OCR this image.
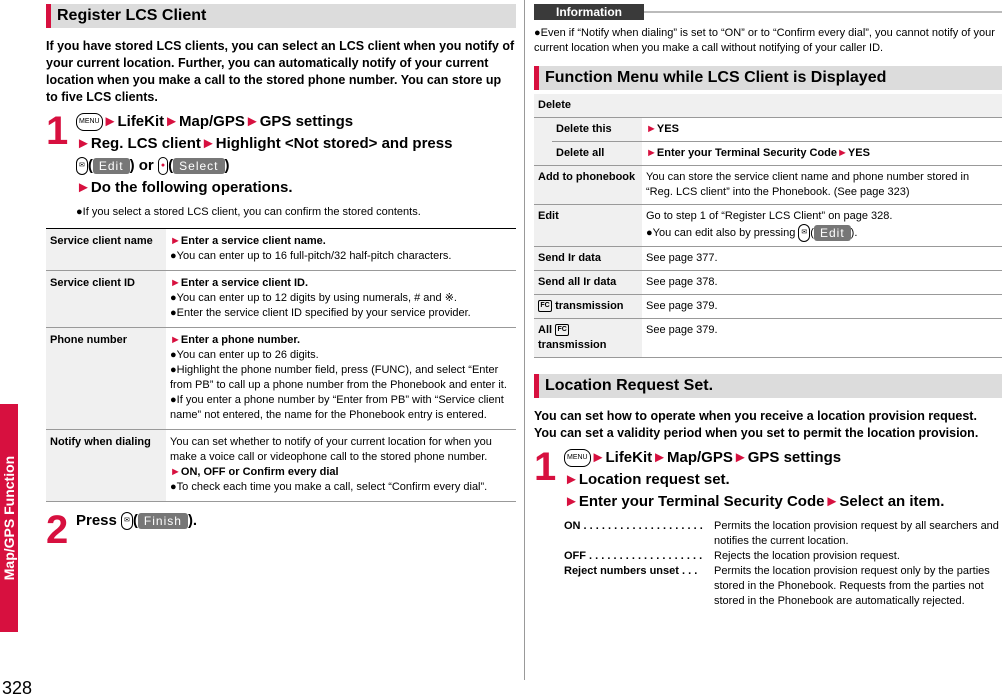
Map/GPS Function
328
Register LCS Client
If you have stored LCS clients, you can select an LCS client when you notify of your current location. Further, you can automatically notify of your current location when you make a call to the stored phone number. You can store up to five LCS clients.
1	MENU ►LifeKit►Map/GPS►GPS settings
►Reg. LCS client►Highlight <Not stored> and press
✉ ( Edit ) or ● ( Select )
►Do the following operations.
●If you select a stored LCS client, you can confirm the stored contents.
Service client name	►Enter a service client name.
●You can enter up to 16 full-pitch/32 half-pitch characters.

Service client ID	►Enter a service client ID.
●You can enter up to 12 digits by using numerals, # and ※.
●Enter the service client ID specified by your service provider.

Phone number	►Enter a phone number.
●You can enter up to 26 digits.
●Highlight the phone number field, press (FUNC), and select “Enter from PB” to call up a phone number from the Phonebook and enter it.
●If you enter a phone number by “Enter from PB” with “Service client name” not entered, the name for the Phonebook entry is entered.

Notify when dialing	You can set whether to notify of your current location for when you make a voice call or videophone call to the stored phone number.
►ON, OFF or Confirm every dial
●To check each time you make a call, select “Confirm every dial”.
2 Press ✉ ( Finish ).
Information
●Even if “Notify when dialing” is set to “ON” or to “Confirm every dial”, you cannot notify of your current location when you make a call without notifying of your caller ID.
Function Menu while LCS Client is Displayed
Delete		
	Delete this	►YES
	Delete all	►Enter your Terminal Security Code►YES
Add to phonebook		You can store the service client name and phone number stored in “Reg. LCS client” into the Phonebook. (See page 323)
Edit		Go to step 1 of “Register LCS Client” on page 328.
●You can edit also by pressing ✉ ( Edit ).

Send Ir data		See page 377.
Send all Ir data		See page 378.
FC transmission		See page 379.
All FC transmission		See page 379.
Location Request Set.
You can set how to operate when you receive a location provision request. You can set a validity period when you set to permit the location provision.
1	MENU ►LifeKit►Map/GPS►GPS settings
►Location request set.
►Enter your Terminal Security Code►Select an item.
ON . . . . . . . . . . . . . . . . . . . .	Permits the location provision request by all searchers and notifies the current location.
OFF . . . . . . . . . . . . . . . . . . .	Rejects the location provision request.
Reject numbers unset . . .	Permits the location provision request only by the parties stored in the Phonebook. Requests from the parties not stored in the Phonebook are automatically rejected.
